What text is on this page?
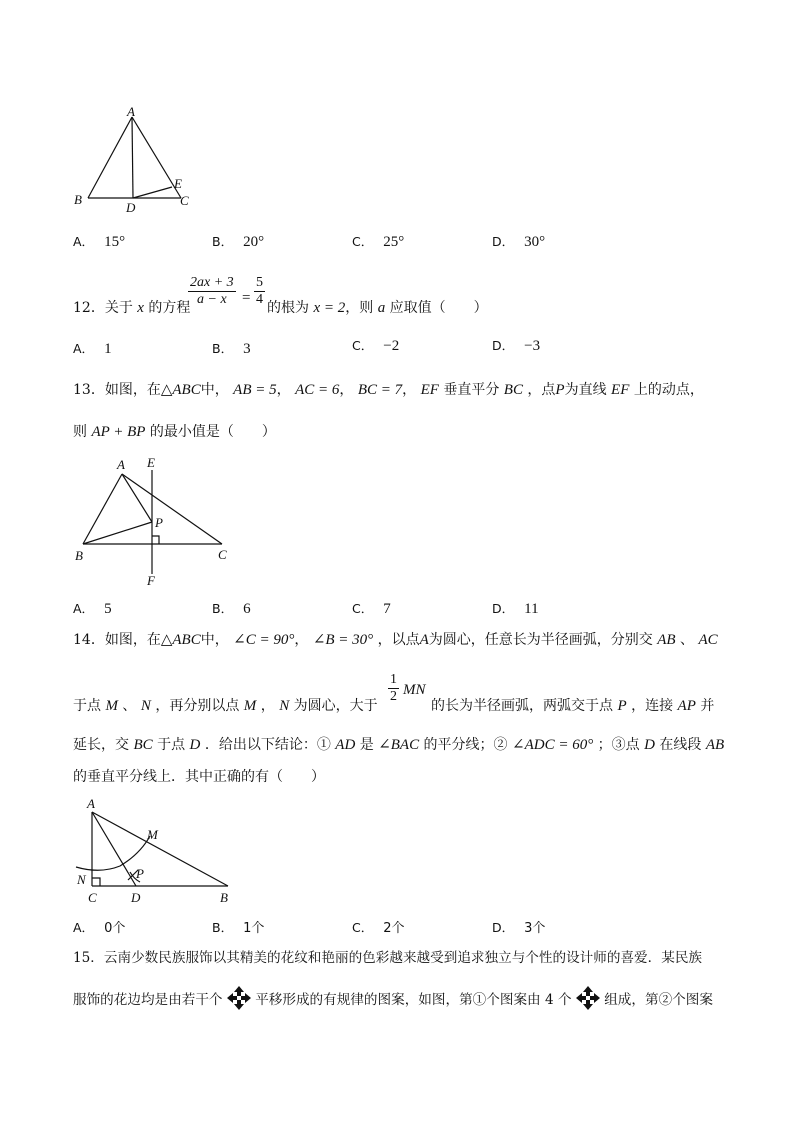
A
B
D
E
C
A． 15°	B． 20°	C． 25°	D． 30°
12．关于 x 的方程
$\frac{2ax + 3}{a - x} = \frac{5}{4}$ 的根为 x = 2，则 a 应取值（　　）
A． 1	B． 3	C． −2	D． −3
13．如图，在△ABC中， AB = 5， AC = 6， BC = 7， EF 垂直平分 BC ，点P为直线 EF 上的动点，
则 AP + BP 的最小值是（　　）
A E
P
B	C
F
A． 5	B． 6	C． 7	D． 11
14．如图，在△ABC中， ∠C = 90°， ∠B = 30° ，以点A为圆心，任意长为半径画弧，分别交 AB 、 AC
于点 M 、 N ，再分别以点 M ， N 为圆心，大于
$\frac{1}{2}$ MN
的长为半径画弧，两弧交于点 P ，连接 AP 并
延长，交 BC 于点 D ．给出以下结论：① AD 是 ∠BAC 的平分线；② ∠ADC = 60° ；③点 D 在线段 AB
的垂直平分线上．其中正确的有（　　）
A
M
N	P
C	D	B
A． 0个	B． 1个	C． 2个	D． 3个
15．云南少数民族服饰以其精美的花纹和艳丽的色彩越来越受到追求独立与个性的设计师的喜爱．某民族
服饰的花边均是由若干个 平移形成的有规律的图案，如图，第①个图案由 4 个 组成，第②个图案
